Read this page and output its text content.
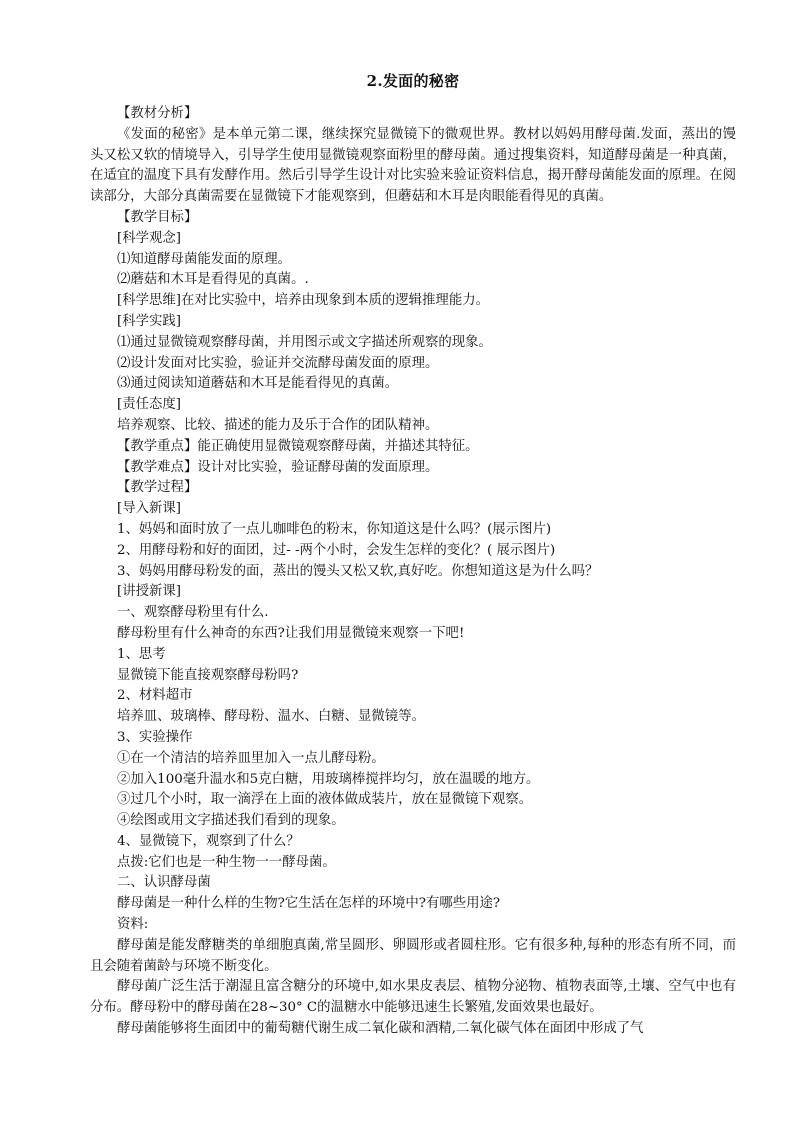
2.发面的秘密

【教材分析】

《发面的秘密》是本单元第二课，继续探究显微镜下的微观世界。教材以妈妈用酵母菌.发面，蒸出的馒头又松又软的情境导入，引导学生使用显微镜观察面粉里的酵母菌。通过搜集资料，知道酵母菌是一种真菌，在适宜的温度下具有发酵作用。然后引导学生设计对比实验来验证资料信息，揭开酵母菌能发面的原理。在阅读部分，大部分真菌需要在显微镜下才能观察到，但蘑菇和木耳是肉眼能看得见的真菌。

【教学目标】

[科学观念]

⑴知道酵母菌能发面的原理。

⑵蘑菇和木耳是看得见的真菌。.

[科学思维]在对比实验中，培养由现象到本质的逻辑推理能力。

[科学实践]

⑴通过显微镜观察酵母菌，并用图示或文字描述所观察的现象。

⑵设计发面对比实验，验证并交流酵母菌发面的原理。

⑶通过阅读知道蘑菇和木耳是能看得见的真菌。

[责任态度]

培养观察、比较、描述的能力及乐于合作的团队精神。

【教学重点】能正确使用显微镜观察酵母菌，并描述其特征。

【教学难点】设计对比实验，验证酵母菌的发面原理。

【教学过程】

[导入新课]

1、妈妈和面时放了一点儿咖啡色的粉末，你知道这是什么吗？(展示图片)

2、用酵母粉和好的面团，过- -两个小时，会发生怎样的变化？( 展示图片)

3、妈妈用酵母粉发的面，蒸出的馒头又松又软,真好吃。你想知道这是为什么吗？

[讲授新课]

一、观察酵母粉里有什么.

酵母粉里有什么神奇的东西?让我们用显微镜来观察一下吧!

1、思考

显微镜下能直接观察酵母粉吗?

2、材料超市

培养皿、玻璃棒、酵母粉、温水、白糖、显微镜等。

3、实验操作

①在一个清洁的培养皿里加入一点儿酵母粉。

②加入100毫升温水和5克白糖，用玻璃棒搅拌均匀，放在温暖的地方。

③过几个小时，取一滴浮在上面的液体做成装片，放在显微镜下观察。

④绘图或用文字描述我们看到的现象。

4、显微镜下，观察到了什么？

点拨:它们也是一种生物一一酵母菌。

二、认识酵母菌

酵母菌是一种什么样的生物?它生活在怎样的环境中?有哪些用途?

资料:

酵母菌是能发酵糖类的单细胞真菌,常呈圆形、卵圆形或者圆柱形。它有很多种,每种的形态有所不同，而且会随着菌龄与环境不断变化。

酵母菌广泛生活于潮湿且富含糖分的环境中,如水果皮表层、植物分泌物、植物表面等,土壤、空气中也有分布。酵母粉中的酵母菌在28~30° C的温糖水中能够迅速生长繁殖,发面效果也最好。

酵母菌能够将生面团中的葡萄糖代谢生成二氧化碳和酒精,二氧化碳气体在面团中形成了气
